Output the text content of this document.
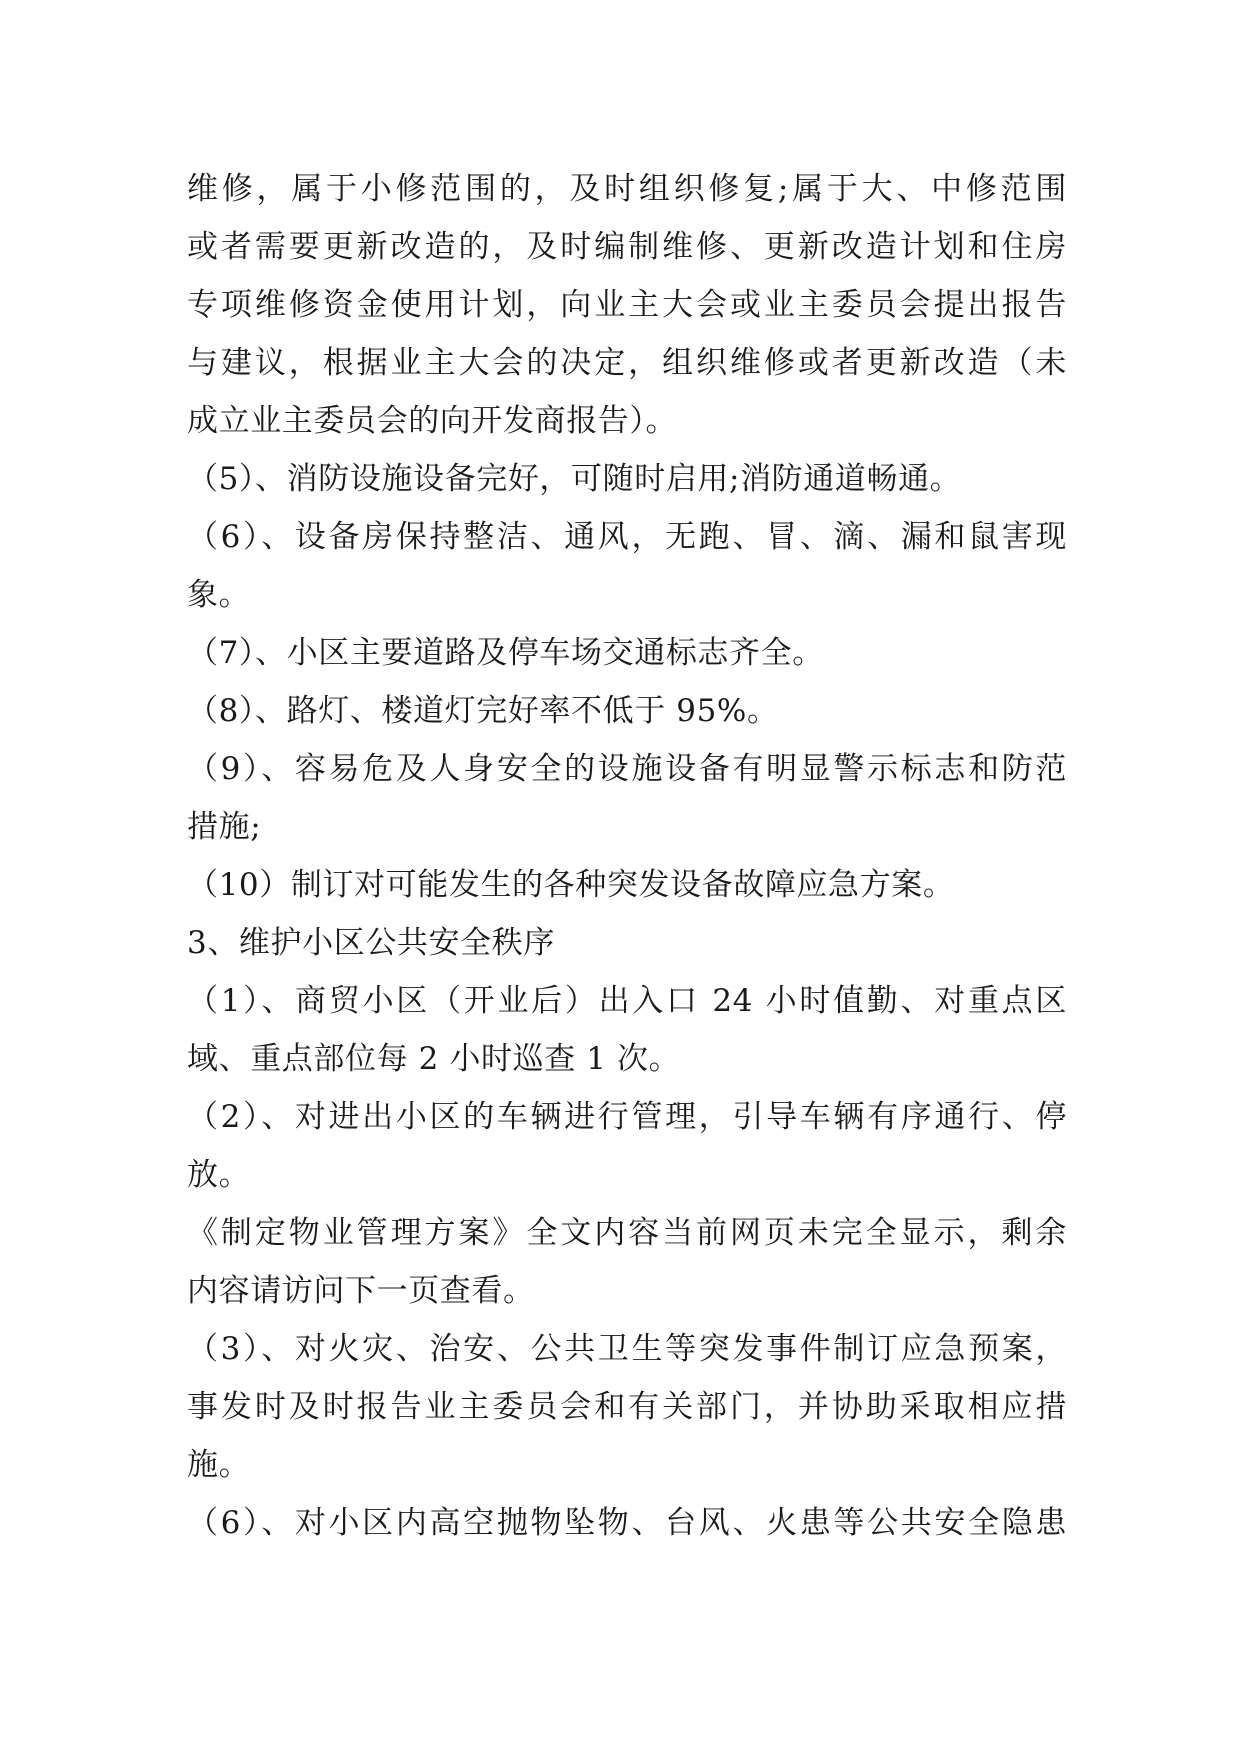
维修，属于小修范围的，及时组织修复;属于大、中修范围
或者需要更新改造的，及时编制维修、更新改造计划和住房
专项维修资金使用计划，向业主大会或业主委员会提出报告
与建议，根据业主大会的决定，组织维修或者更新改造（未
成立业主委员会的向开发商报告）。
（5）、消防设施设备完好，可随时启用;消防通道畅通。
（6）、设备房保持整洁、通风，无跑、冒、滴、漏和鼠害现
象。
（7）、小区主要道路及停车场交通标志齐全。
（8）、路灯、楼道灯完好率不低于 95%。
（9）、容易危及人身安全的设施设备有明显警示标志和防范
措施;
（10）制订对可能发生的各种突发设备故障应急方案。
3、维护小区公共安全秩序
（1）、商贸小区（开业后）出入口 24 小时值勤、对重点区
域、重点部位每 2 小时巡查 1 次。
（2）、对进出小区的车辆进行管理，引导车辆有序通行、停
放。
《制定物业管理方案》全文内容当前网页未完全显示，剩余
内容请访问下一页查看。
（3）、对火灾、治安、公共卫生等突发事件制订应急预案，
事发时及时报告业主委员会和有关部门，并协助采取相应措
施。
（6）、对小区内高空抛物坠物、台风、火患等公共安全隐患
